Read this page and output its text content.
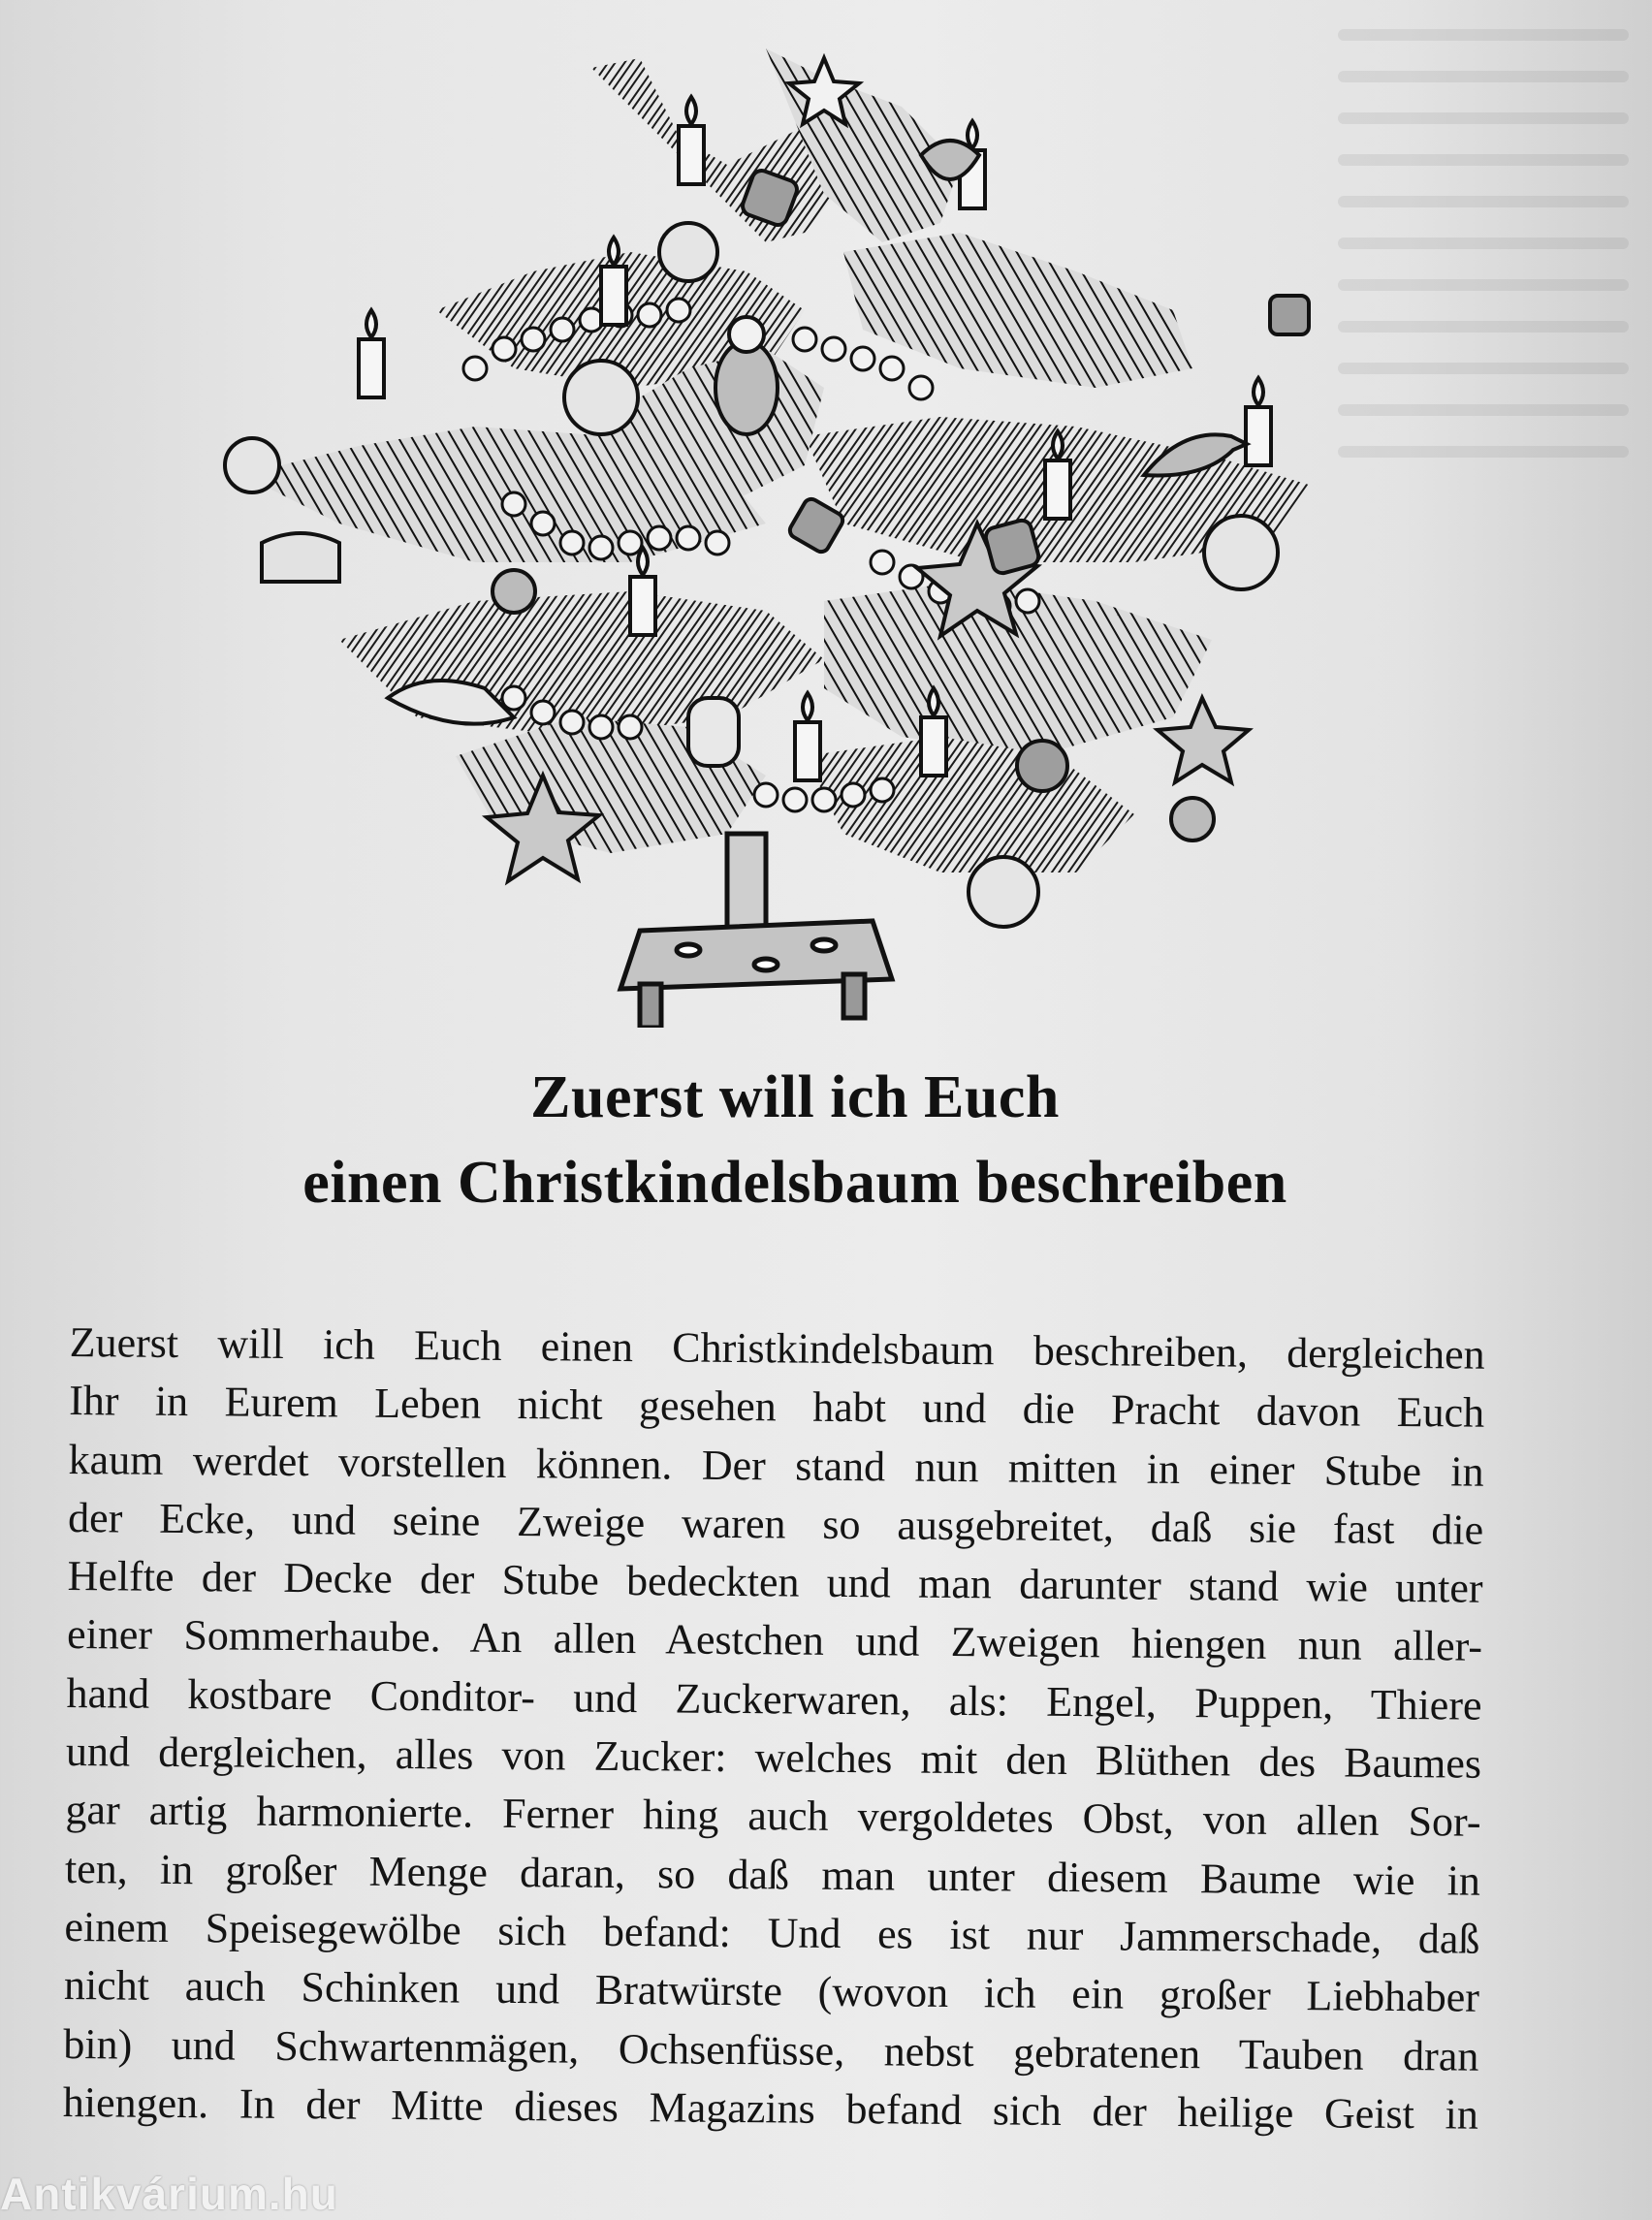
Zuerst will ich Euch
einen Christkindelsbaum beschreiben
Zuerst will ich Euch einen Christkindelsbaum beschreiben, dergleichen
Ihr in Eurem Leben nicht gesehen habt und die Pracht davon Euch
kaum werdet vorstellen können. Der stand nun mitten in einer Stube in
der Ecke, und seine Zweige waren so ausgebreitet, daß sie fast die
Helfte der Decke der Stube bedeckten und man darunter stand wie unter
einer Sommerhaube. An allen Aestchen und Zweigen hiengen nun aller-
hand kostbare Conditor- und Zuckerwaren, als: Engel, Puppen, Thiere
und dergleichen, alles von Zucker: welches mit den Blüthen des Baumes
gar artig harmonierte. Ferner hing auch vergoldetes Obst, von allen Sor-
ten, in großer Menge daran, so daß man unter diesem Baume wie in
einem Speisegewölbe sich befand: Und es ist nur Jammerschade, daß
nicht auch Schinken und Bratwürste (wovon ich ein großer Liebhaber
bin) und Schwartenmägen, Ochsenfüsse, nebst gebratenen Tauben dran
hiengen. In der Mitte dieses Magazins befand sich der heilige Geist in
Antikvárium.hu
